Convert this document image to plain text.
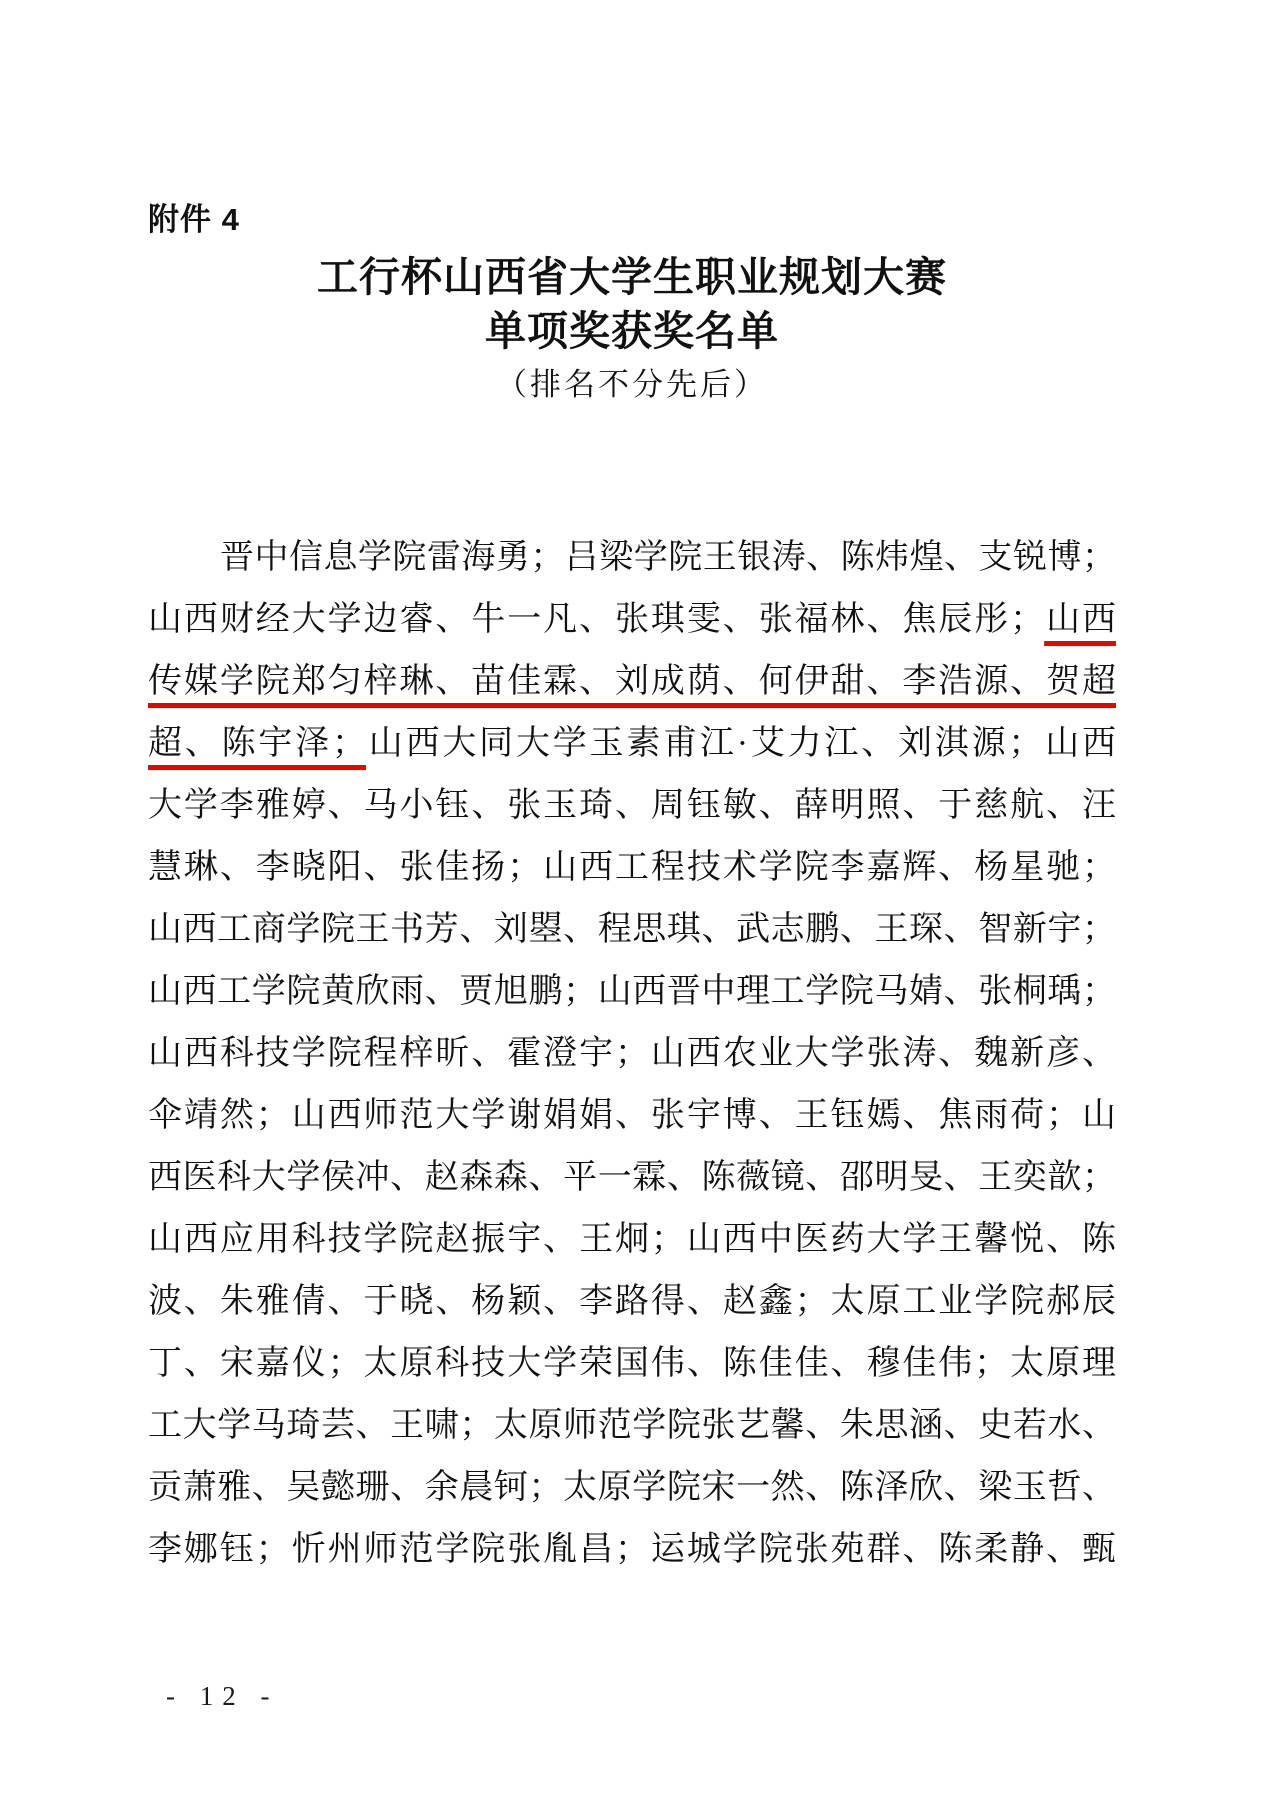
附件 4
工行杯山西省大学生职业规划大赛
单项奖获奖名单
（排名不分先后）
晋中信息学院雷海勇；吕梁学院王银涛、陈炜煌、支锐博；
山西财经大学边睿、牛一凡、张琪雯、张福林、焦辰彤；山西
传媒学院郑匀梓琳、苗佳霖、刘成荫、何伊甜、李浩源、贺超
超、陈宇泽；山西大同大学玉素甫江·艾力江、刘淇源；山西
大学李雅婷、马小钰、张玉琦、周钰敏、薛明照、于慈航、汪
慧琳、李晓阳、张佳扬；山西工程技术学院李嘉辉、杨星驰；
山西工商学院王书芳、刘曌、程思琪、武志鹏、王琛、智新宇；
山西工学院黄欣雨、贾旭鹏；山西晋中理工学院马婧、张桐瑀；
山西科技学院程梓昕、霍澄宇；山西农业大学张涛、魏新彦、
伞靖然；山西师范大学谢娟娟、张宇博、王钰嫣、焦雨荷；山
西医科大学侯冲、赵森森、平一霖、陈薇镜、邵明旻、王奕歆；
山西应用科技学院赵振宇、王炯；山西中医药大学王馨悦、陈
波、朱雅倩、于晓、杨颖、李路得、赵鑫；太原工业学院郝辰
丁、宋嘉仪；太原科技大学荣国伟、陈佳佳、穆佳伟；太原理
工大学马琦芸、王啸；太原师范学院张艺馨、朱思涵、史若水、
贡萧雅、吴懿珊、余晨钶；太原学院宋一然、陈泽欣、梁玉哲、
李娜钰；忻州师范学院张胤昌；运城学院张苑群、陈柔静、甄
- 12 -
